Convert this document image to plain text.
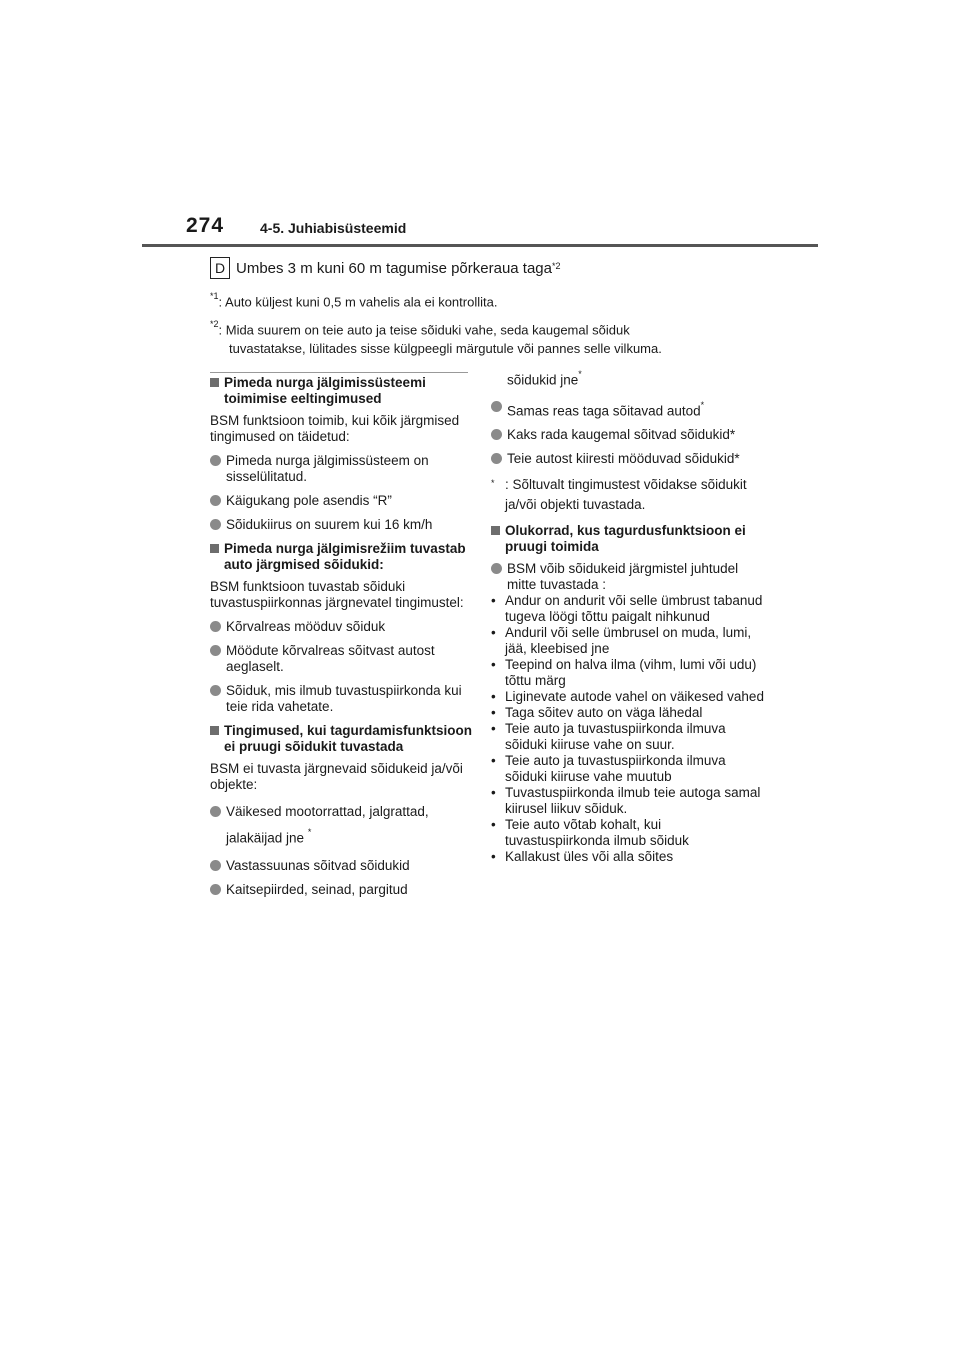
274	4-5. Juhiabisüsteemid
D Umbes 3 m kuni 60 m tagumise põrkeraua taga *2
$^{*1}$: Auto küljest kuni 0,5 m vahelis ala ei kontrollita.
$^{*2}$: Mida suurem on teie auto ja teise sõiduki vahe, seda kaugemal sõiduk
tuvastatakse, lülitades sisse külgpeegli märgutule või pannes selle vilkuma.
Pimeda nurga jälgimissüsteemi toimimise eeltingimused
BSM funktsioon toimib, kui kõik järgmised tingimused on täidetud:
Pimeda nurga jälgimissüsteem on sisselülitatud.
Käigukang pole asendis “R”
Sõidukiirus on suurem kui 16 km/h
Pimeda nurga jälgimisrežiim tuvastab auto järgmised sõidukid:
BSM funktsioon tuvastab sõiduki tuvastuspiirkonnas järgnevatel tingimustel:
Kõrvalreas mööduv sõiduk
Möödute kõrvalreas sõitvast autost aeglaselt.
Sõiduk, mis ilmub tuvastuspiirkonda kui teie rida vahetate.
Tingimused, kui tagurdamisfunktsioon ei pruugi sõidukit tuvastada
BSM ei tuvasta järgnevaid sõidukeid ja/või objekte:
Väikesed mootorrattad, jalgrattad,
jalakäijad jne *
Vastassuunas sõitvad sõidukid
Kaitsepiirded, seinad, pargitud
sõidukid jne*
Samas reas taga sõitavad autod*
Kaks rada kaugemal sõitvad sõidukid*
Teie autost kiiresti mööduvad sõidukid*
* : Sõltuvalt tingimustest võidakse sõidukit ja/või objekti tuvastada.
Olukorrad, kus tagurdusfunktsioon ei pruugi toimida
BSM võib sõidukeid järgmistel juhtudel mitte tuvastada :
• Andur on andurit või selle ümbrust tabanud tugeva löögi tõttu paigalt nihkunud
• Anduril või selle ümbrusel on muda, lumi, jää, kleebised jne
• Teepind on halva ilma (vihm, lumi või udu) tõttu märg
• Liginevate autode vahel on väikesed vahed
• Taga sõitev auto on väga lähedal
• Teie auto ja tuvastuspiirkonda ilmuva sõiduki kiiruse vahe on suur.
• Teie auto ja tuvastuspiirkonda ilmuva sõiduki kiiruse vahe muutub
• Tuvastuspiirkonda ilmub teie autoga samal kiirusel liikuv sõiduk.
• Teie auto võtab kohalt, kui tuvastuspiirkonda ilmub sõiduk
• Kallakust üles või alla sõites
